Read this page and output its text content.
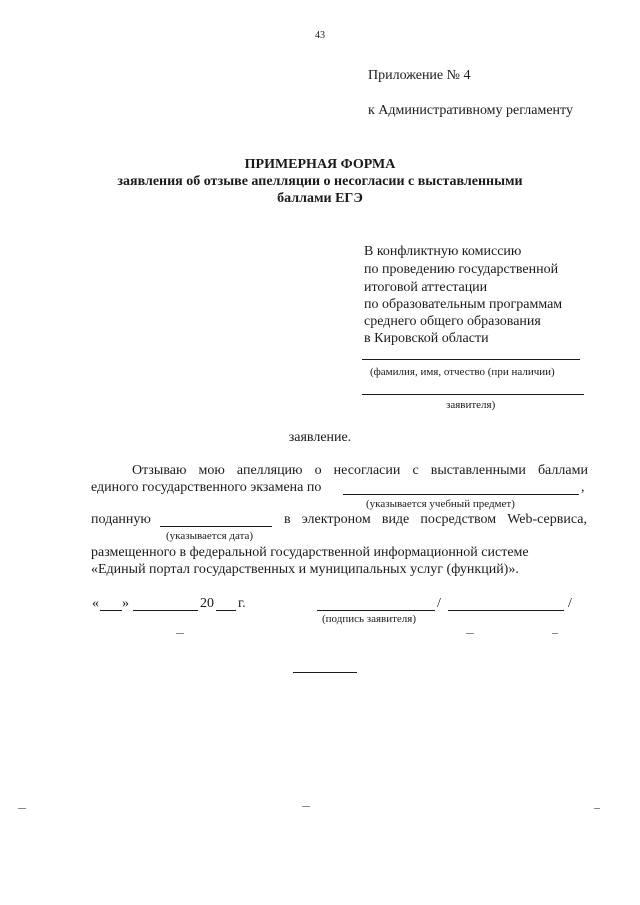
43
Приложение № 4
к Административному регламенту
ПРИМЕРНАЯ ФОРМА
заявления об отзыве апелляции о несогласии с выставленными
баллами ЕГЭ
В конфликтную комиссию
по проведению государственной
итоговой аттестации
по образовательным программам
среднего общего образования
в Кировской области
(фамилия, имя, отчество (при наличии)
заявителя)
заявление.
Отзываю мою апелляцию о несогласии с выставленными баллами
единого государственного экзамена по	,
(указывается учебный предмет)
поданную	в электроном виде посредством Web-сервиса,
(указывается дата)
размещенного в федеральной государственной информационной системе
«Единый портал государственных и муниципальных услуг (функций)».
« »	20 г.	/	/
(подпись заявителя)
